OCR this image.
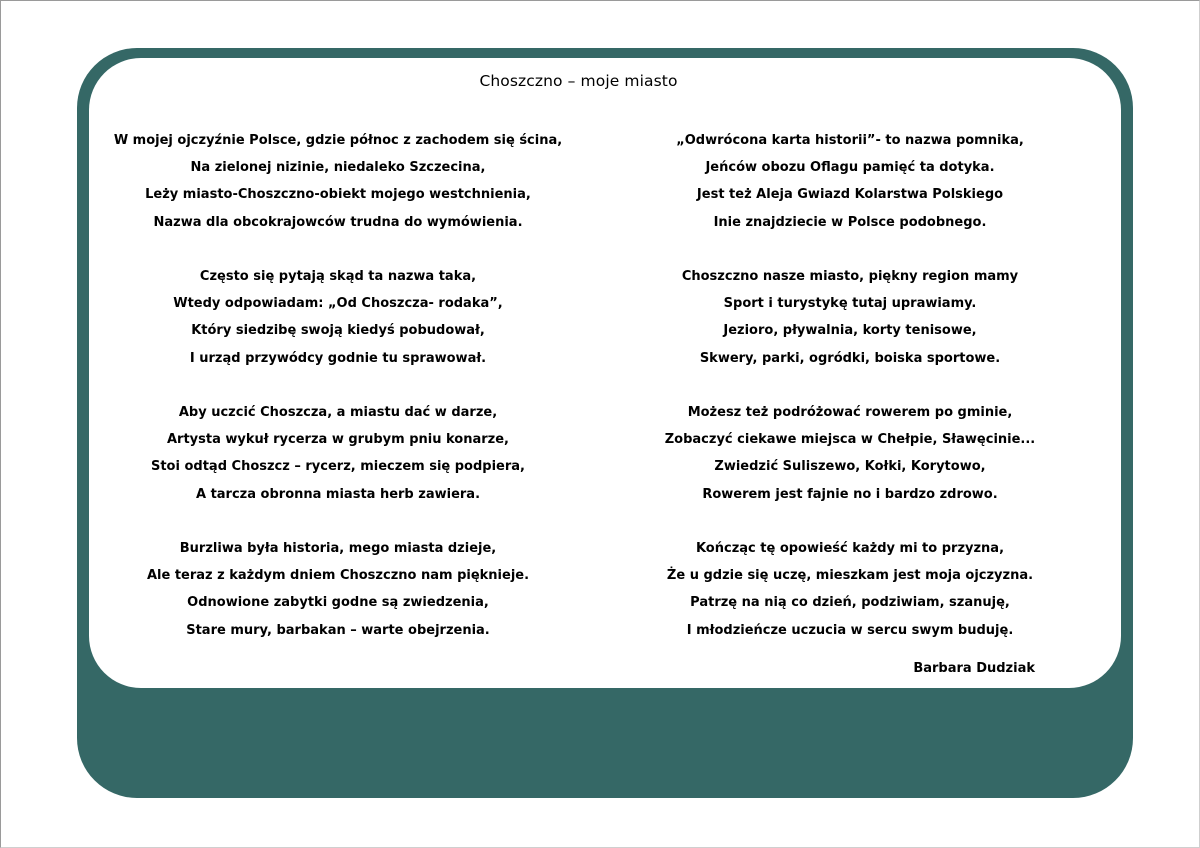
Choszczno – moje miasto
W mojej ojczyźnie Polsce, gdzie północ z zachodem się ścina,
Na zielonej nizinie, niedaleko Szczecina,
Leży miasto-Choszczno-obiekt mojego westchnienia,
Nazwa dla obcokrajowców trudna do wymówienia.
Często się pytają skąd ta nazwa taka,
Wtedy odpowiadam: „Od Choszcza- rodaka”,
Który siedzibę swoją kiedyś pobudował,
I urząd przywódcy godnie tu sprawował.
Aby uczcić Choszcza, a miastu dać w darze,
Artysta wykuł rycerza w grubym pniu konarze,
Stoi odtąd Choszcz – rycerz, mieczem się podpiera,
A tarcza obronna miasta herb zawiera.
Burzliwa była historia, mego miasta dzieje,
Ale teraz z każdym dniem Choszczno nam pięknieje.
Odnowione zabytki godne są zwiedzenia,
Stare mury, barbakan – warte obejrzenia.
„Odwrócona karta historii”- to nazwa pomnika,
Jeńców obozu Oflagu pamięć ta dotyka.
Jest też Aleja Gwiazd Kolarstwa Polskiego
Inie znajdziecie w Polsce podobnego.
Choszczno nasze miasto, piękny region mamy
Sport i turystykę tutaj uprawiamy.
Jezioro, pływalnia, korty tenisowe,
Skwery, parki, ogródki, boiska sportowe.
Możesz też podróżować rowerem po gminie,
Zobaczyć ciekawe miejsca w Chełpie, Sławęcinie...
Zwiedzić Suliszewo, Kołki, Korytowo,
Rowerem jest fajnie no i bardzo zdrowo.
Kończąc tę opowieść każdy mi to przyzna,
Że u gdzie się uczę, mieszkam jest moja ojczyzna.
Patrzę na nią co dzień, podziwiam, szanuję,
I młodzieńcze uczucia w sercu swym buduję.
Barbara Dudziak
